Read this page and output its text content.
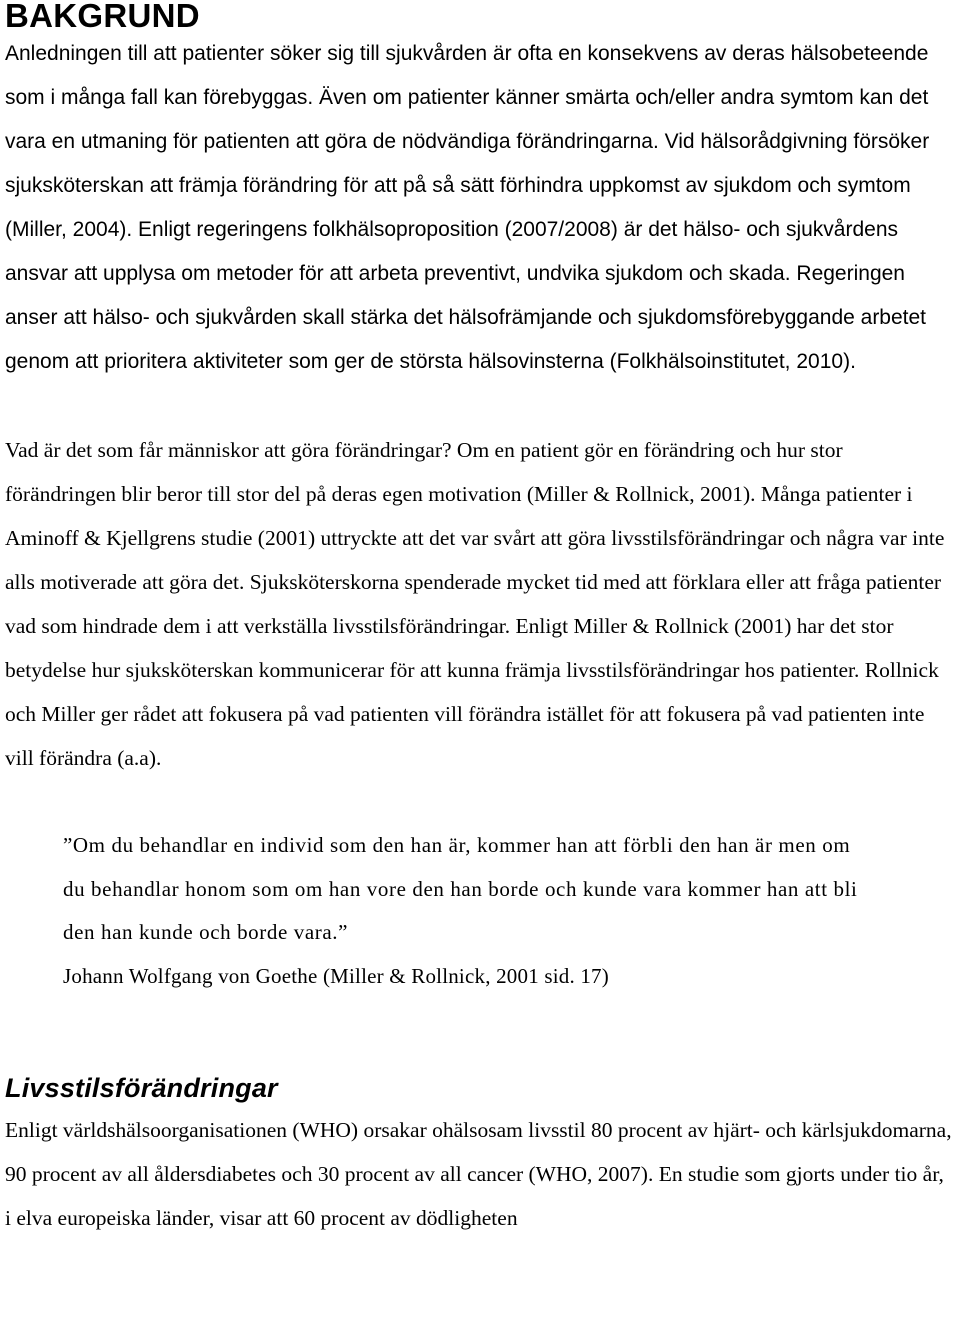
BAKGRUND

Anledningen till att patienter söker sig till sjukvården är ofta en konsekvens av deras hälsobeteende som i många fall kan förebyggas. Även om patienter känner smärta och/eller andra symtom kan det vara en utmaning för patienten att göra de nödvändiga förändringarna. Vid hälsorådgivning försöker sjuksköterskan att främja förändring för att på så sätt förhindra uppkomst av sjukdom och symtom (Miller, 2004). Enligt regeringens folkhälsoproposition (2007/2008) är det hälso- och sjukvårdens ansvar att upplysa om metoder för att arbeta preventivt, undvika sjukdom och skada. Regeringen anser att hälso- och sjukvården skall stärka det hälsofrämjande och sjukdomsförebyggande arbetet genom att prioritera aktiviteter som ger de största hälsovinsterna (Folkhälsoinstitutet, 2010).

Vad är det som får människor att göra förändringar? Om en patient gör en förändring och hur stor förändringen blir beror till stor del på deras egen motivation (Miller & Rollnick, 2001). Många patienter i Aminoff & Kjellgrens studie (2001) uttryckte att det var svårt att göra livsstilsförändringar och några var inte alls motiverade att göra det. Sjuksköterskorna spenderade mycket tid med att förklara eller att fråga patienter vad som hindrade dem i att verkställa livsstilsförändringar. Enligt Miller & Rollnick (2001) har det stor betydelse hur sjuksköterskan kommunicerar för att kunna främja livsstilsförändringar hos patienter. Rollnick och Miller ger rådet att fokusera på vad patienten vill förändra istället för att fokusera på vad patienten inte vill förändra (a.a).

”Om du behandlar en individ som den han är, kommer han att förbli den han är men om du behandlar honom som om han vore den han borde och kunde vara kommer han att bli den han kunde och borde vara.”

Johann Wolfgang von Goethe (Miller & Rollnick, 2001 sid. 17)

Livsstilsförändringar

Enligt världshälsoorganisationen (WHO) orsakar ohälsosam livsstil 80 procent av hjärt- och kärlsjukdomarna, 90 procent av all åldersdiabetes och 30 procent av all cancer (WHO, 2007). En studie som gjorts under tio år, i elva europeiska länder, visar att 60 procent av dödligheten
